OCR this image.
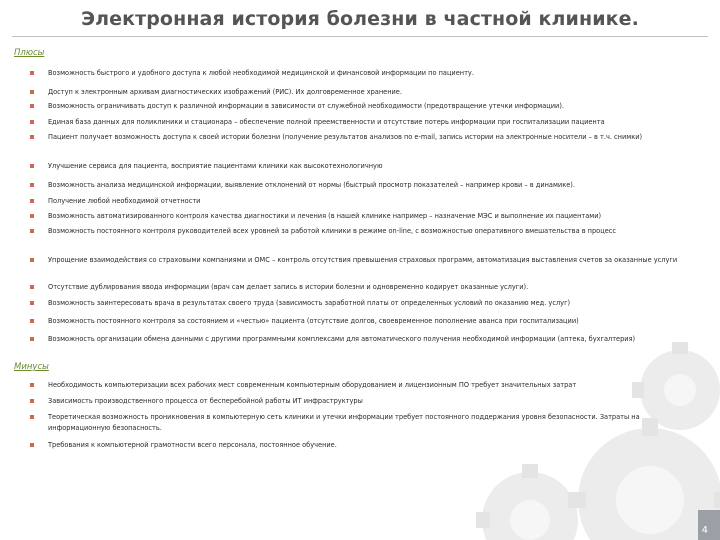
4
Электронная история болезни в частной клинике.
Плюсы
Возможность быстрого и удобного доступа к любой необходимой медицинской и финансовой информации по пациенту.
Доступ к электронным архивам диагностических изображений (РИС). Их долговременное хранение.
Возможность ограничивать доступ к различной информации в зависимости от служебной необходимости (предотвращение утечки информации).
Единая база данных для поликлиники и стационара – обеспечение полной преемственности и отсутствие потерь информации при госпитализации пациента
Пациент получает возможность доступа к своей истории болезни (получение результатов анализов по e-mail, запись истории на электронные носители – в т.ч. снимки)
Улучшение сервиса для пациента, восприятие пациентами клиники как высокотехнологичную
Возможность анализа медицинской информации, выявление отклонений от нормы (быстрый просмотр показателей – например крови – в динамике).
Получение любой необходимой отчетности
Возможность автоматизированного контроля качества диагностики и лечения (в нашей клинике например – назначение МЭС и выполнение их пациентами)
Возможность постоянного контроля руководителей всех уровней за работой клиники в режиме on-line, с возможностью оперативного вмешательства в процесс
Упрощение взаимодействия со страховыми компаниями и ОМС – контроль отсутствия превышения страховых программ, автоматизация выставления счетов за оказанные услуги
Отсутствие дублирования ввода информации (врач сам делает запись в истории болезни и одновременно кодирует оказанные услуги).
Возможность заинтересовать врача в результатах своего труда (зависимость заработной платы от определенных условий по оказанию мед. услуг)
Возможность постоянного контроля за состоянием и «честью» пациента (отсутствие долгов, своевременное пополнение аванса при госпитализации)
Возможность организации обмена данными с другими программными комплексами для автоматического получения необходимой информации (аптека, бухгалтерия)
Минусы
Необходимость компьютеризации всех рабочих мест современным компьютерным оборудованием и лицензионным ПО требует значительных затрат
Зависимость производственного процесса от бесперебойной работы ИТ инфраструктуры
Теоретическая возможность проникновения в компьютерную сеть клиники и утечки информации требует постоянного поддержания уровня безопасности. Затраты на информационную безопасность.
Требования к компьютерной грамотности всего персонала, постоянное обучение.
